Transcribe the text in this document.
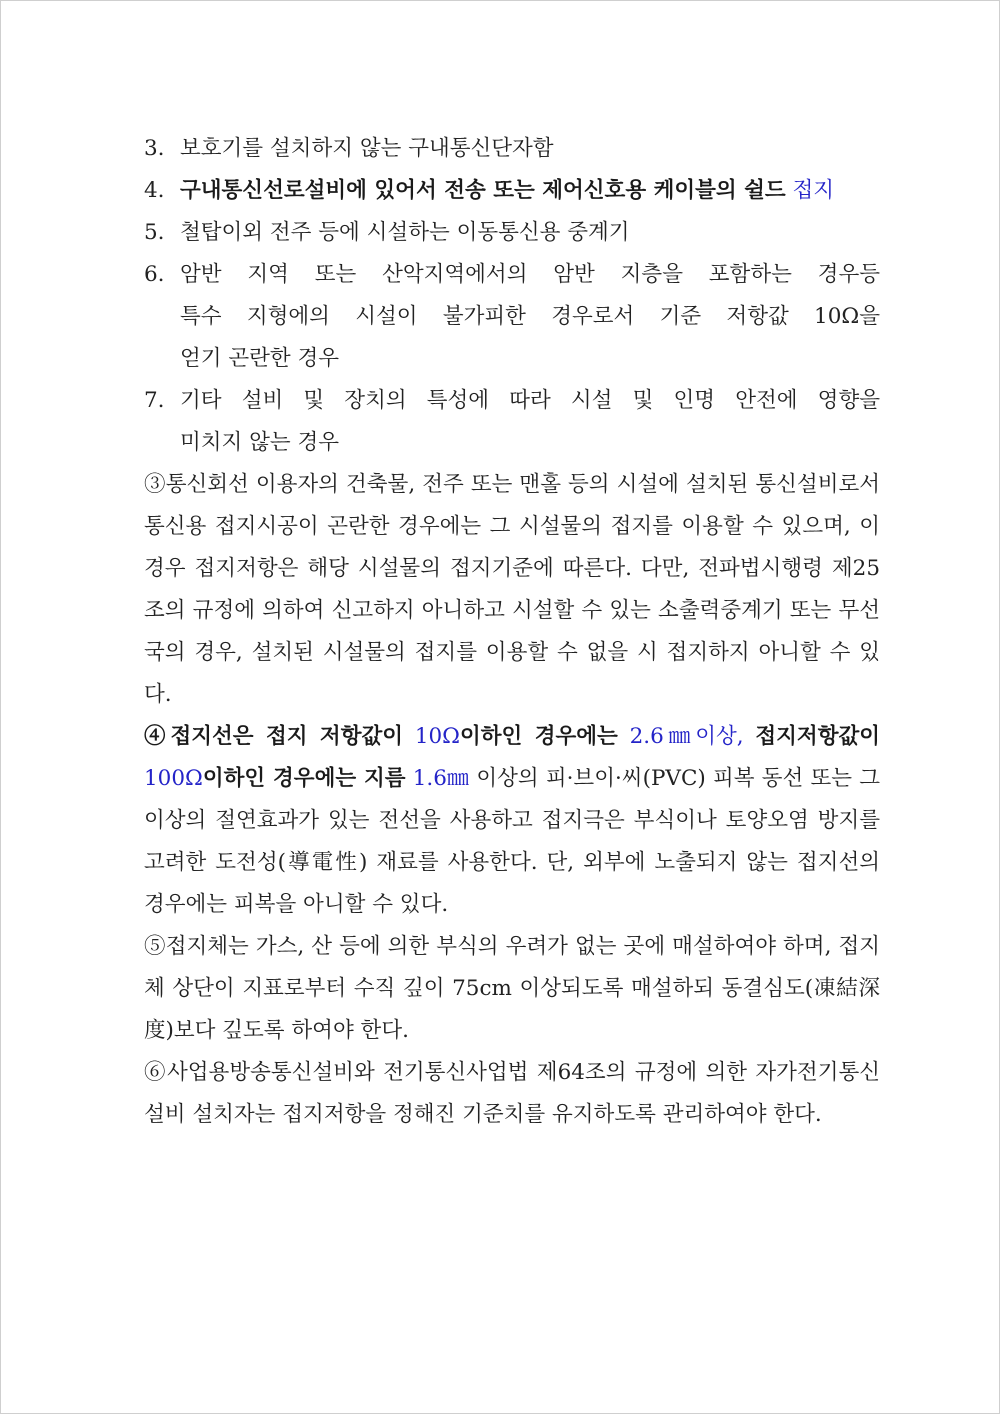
3. 보호기를 설치하지 않는 구내통신단자함
4. 구내통신선로설비에 있어서 전송 또는 제어신호용 케이블의 쉴드 접지
5. 철탑이외 전주 등에 시설하는 이동통신용 중계기
6. 암반 지역 또는 산악지역에서의 암반 지층을 포함하는 경우등
특수 지형에의 시설이 불가피한 경우로서 기준 저항값 10Ω을
얻기 곤란한 경우
7. 기타 설비 및 장치의 특성에 따라 시설 및 인명 안전에 영향을
미치지 않는 경우

③통신회선 이용자의 건축물, 전주 또는 맨홀 등의 시설에 설치된 통신설비로서 통신용 접지시공이 곤란한 경우에는 그 시설물의 접지를 이용할 수 있으며, 이 경우 접지저항은 해당 시설물의 접지기준에 따른다. 다만, 전파법시행령 제25조의 규정에 의하여 신고하지 아니하고 시설할 수 있는 소출력중계기 또는 무선국의 경우, 설치된 시설물의 접지를 이용할 수 없을 시 접지하지 아니할 수 있다.

④접지선은 접지 저항값이 10Ω이하인 경우에는 2.6㎜이상, 접지저항값이 100Ω이하인 경우에는 지름 1.6㎜ 이상의 피·브이·씨(PVC) 피복 동선 또는 그 이상의 절연효과가 있는 전선을 사용하고 접지극은 부식이나 토양오염 방지를 고려한 도전성(導電性) 재료를 사용한다. 단, 외부에 노출되지 않는 접지선의 경우에는 피복을 아니할 수 있다.

⑤접지체는 가스, 산 등에 의한 부식의 우려가 없는 곳에 매설하여야 하며, 접지체 상단이 지표로부터 수직 깊이 75cm 이상되도록 매설하되 동결심도(凍結深度)보다 깊도록 하여야 한다.

⑥사업용방송통신설비와 전기통신사업법 제64조의 규정에 의한 자가전기통신설비 설치자는 접지저항을 정해진 기준치를 유지하도록 관리하여야 한다.
